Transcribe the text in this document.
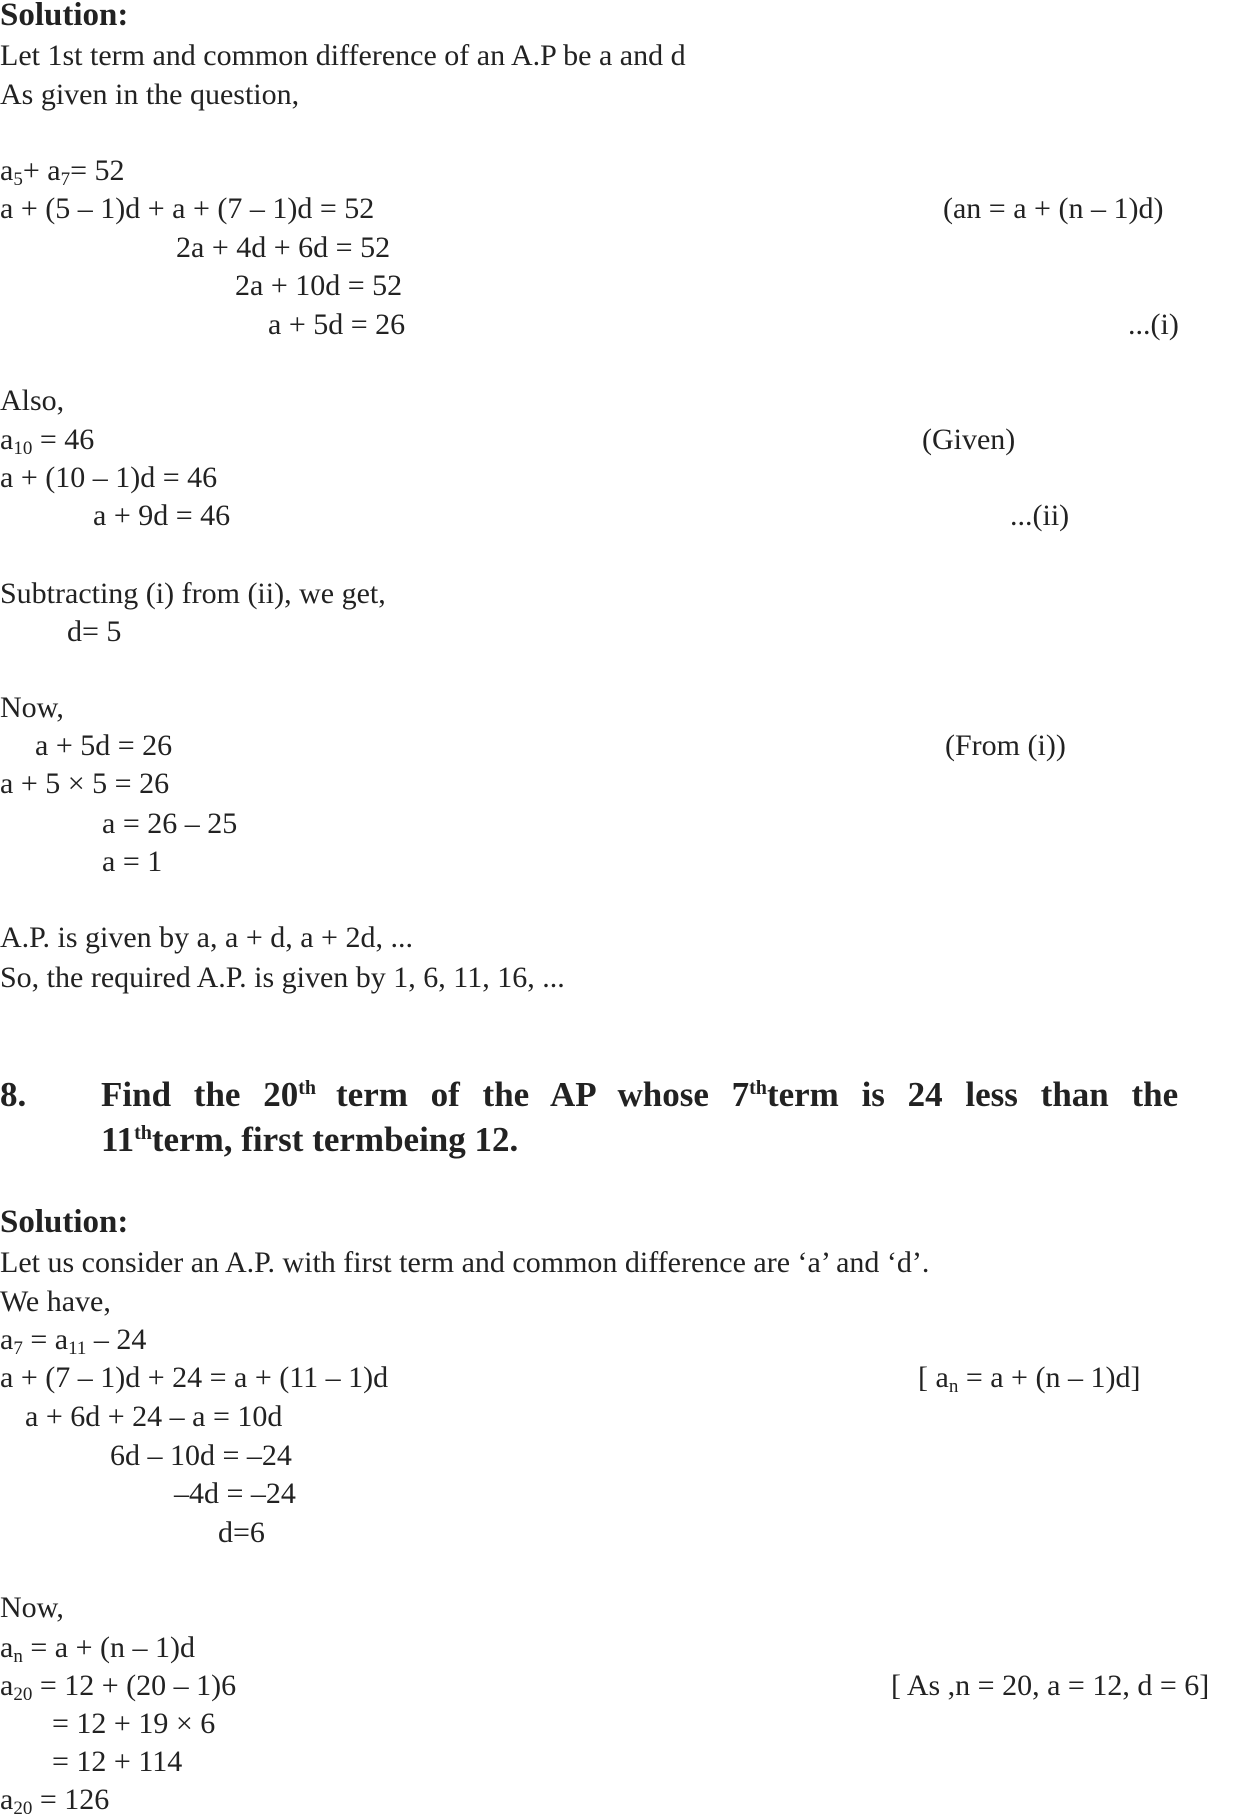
Solution:
Let 1st term and common difference of an A.P be a and d
As given in the question,
$a_5+ a_7= 52$
a + (5 – 1)d + a + (7 – 1)d = 52	(an = a + (n – 1)d)
2a + 4d + 6d = 52
2a + 10d = 52
a + 5d = 26	...(i)
Also,
$a_{10} = 46$	(Given)
a + (10 – 1)d = 46
a + 9d = 46	...(ii)
Subtracting (i) from (ii), we get,
d= 5
Now,
a + 5d = 26	(From (i))
a + 5 × 5 = 26
a = 26 – 25
a = 1
A.P. is given by a, a + d, a + 2d, ...
So, the required A.P. is given by 1, 6, 11, 16, ...
8. Find the 20th term of the AP whose 7thterm is 24 less than the
11thterm, first termbeing 12.
Solution:
Let us consider an A.P. with first term and common difference are ‘a’ and ‘d’.
We have,
$a_7 = a_{11} - 24$
a + (7 – 1)d + 24 = a + (11 – 1)d	[ $a_n = a + (n - 1)d$]
a + 6d + 24 – a = 10d
6d – 10d = –24
–4d = –24
d=6
Now,
$a_n = a + (n - 1)d$
$a_{20} = 12 + (20 - 1)6$	[ As ,n = 20, a = 12, d = 6]
= 12 + 19 × 6
= 12 + 114
$a_{20} = 126$
